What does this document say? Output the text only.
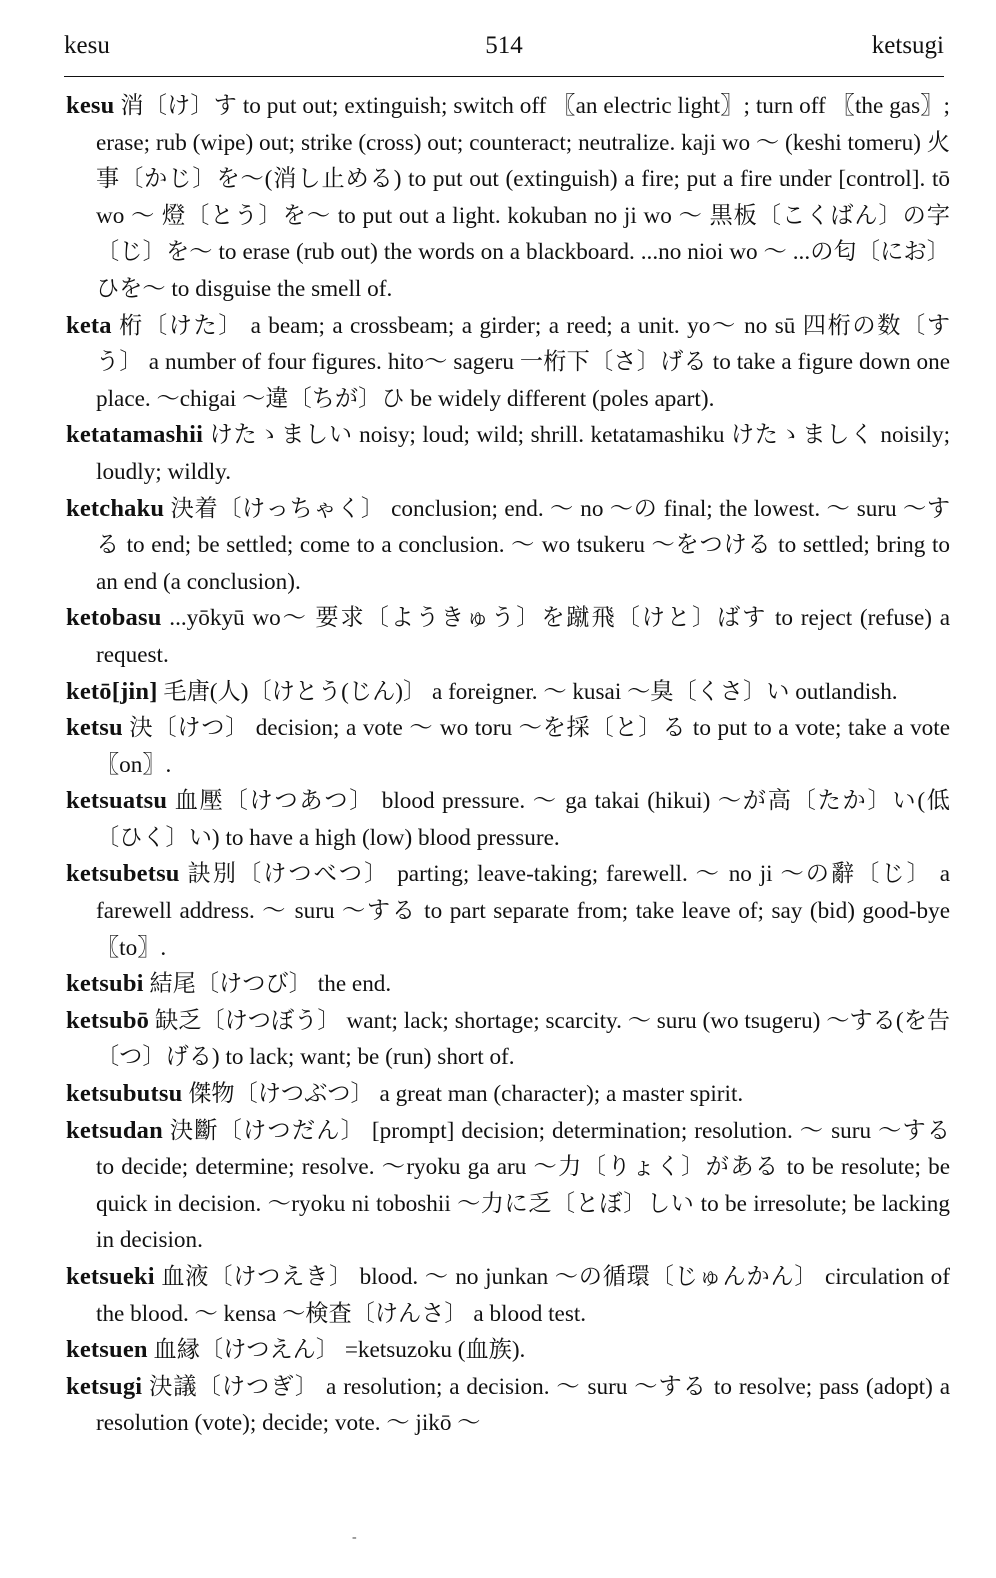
kesu	514	ketsugi

kesu 消〔け〕す to put out; extinguish; switch off 〖an electric light〗; turn off 〖the gas〗; erase; rub (wipe) out; strike (cross) out; counteract; neutralize. kaji wo ～ (keshi tomeru) 火事〔かじ〕を～(消し止める) to put out (extinguish) a fire; put a fire under [control]. tō wo ～ 燈〔とう〕を～ to put out a light. kokuban no ji wo ～ 黒板〔こくばん〕の字〔じ〕を～ to erase (rub out) the words on a blackboard. ...no nioi wo ～ ...の匂〔にお〕ひを～ to disguise the smell of.

keta 桁〔けた〕 a beam; a crossbeam; a girder; a reed; a unit. yo～ no sū 四桁の数〔すう〕 a number of four figures. hito～ sageru 一桁下〔さ〕げる to take a figure down one place. ～chigai ～違〔ちが〕ひ be widely different (poles apart).

ketatamashii けたゝましい noisy; loud; wild; shrill. ketatamashiku けたゝましく noisily; loudly; wildly.

ketchaku 決着〔けっちゃく〕 conclusion; end. ～ no ～の final; the lowest. ～ suru ～する to end; be settled; come to a conclusion. ～ wo tsukeru ～をつける to settled; bring to an end (a conclusion).

ketobasu ...yōkyū wo～ 要求〔ようきゅう〕を蹴飛〔けと〕ばす to reject (refuse) a request.

ketō[jin] 毛唐(人)〔けとう(じん)〕 a foreigner. ～ kusai ～臭〔くさ〕い outlandish.

ketsu 決〔けつ〕 decision; a vote ～ wo toru ～を採〔と〕る to put to a vote; take a vote 〖on〗.

ketsuatsu 血壓〔けつあつ〕 blood pressure. ～ ga takai (hikui) ～が高〔たか〕い(低〔ひく〕い) to have a high (low) blood pressure.

ketsubetsu 訣別〔けつべつ〕 parting; leave-taking; farewell. ～ no ji ～の辭〔じ〕 a farewell address. ～ suru ～する to part separate from; take leave of; say (bid) good-bye 〖to〗.

ketsubi 結尾〔けつび〕 the end.

ketsubō 缺乏〔けつぼう〕 want; lack; shortage; scarcity. ～ suru (wo tsugeru) ～する(を告〔つ〕げる) to lack; want; be (run) short of.

ketsubutsu 傑物〔けつぶつ〕 a great man (character); a master spirit.

ketsudan 決斷〔けつだん〕 [prompt] decision; determination; resolution. ～ suru ～する to decide; determine; resolve. ～ryoku ga aru ～力〔りょく〕がある to be resolute; be quick in decision. ～ryoku ni toboshii ～力に乏〔とぼ〕しい to be irresolute; be lacking in decision.

ketsueki 血液〔けつえき〕 blood. ～ no junkan ～の循環〔じゅんかん〕 circulation of the blood. ～ kensa ～検査〔けんさ〕 a blood test.

ketsuen 血縁〔けつえん〕 =ketsuzoku (血族).

ketsugi 決議〔けつぎ〕 a resolution; a decision. ～ suru ～する to resolve; pass (adopt) a resolution (vote); decide; vote. ～ jikō ～

-
